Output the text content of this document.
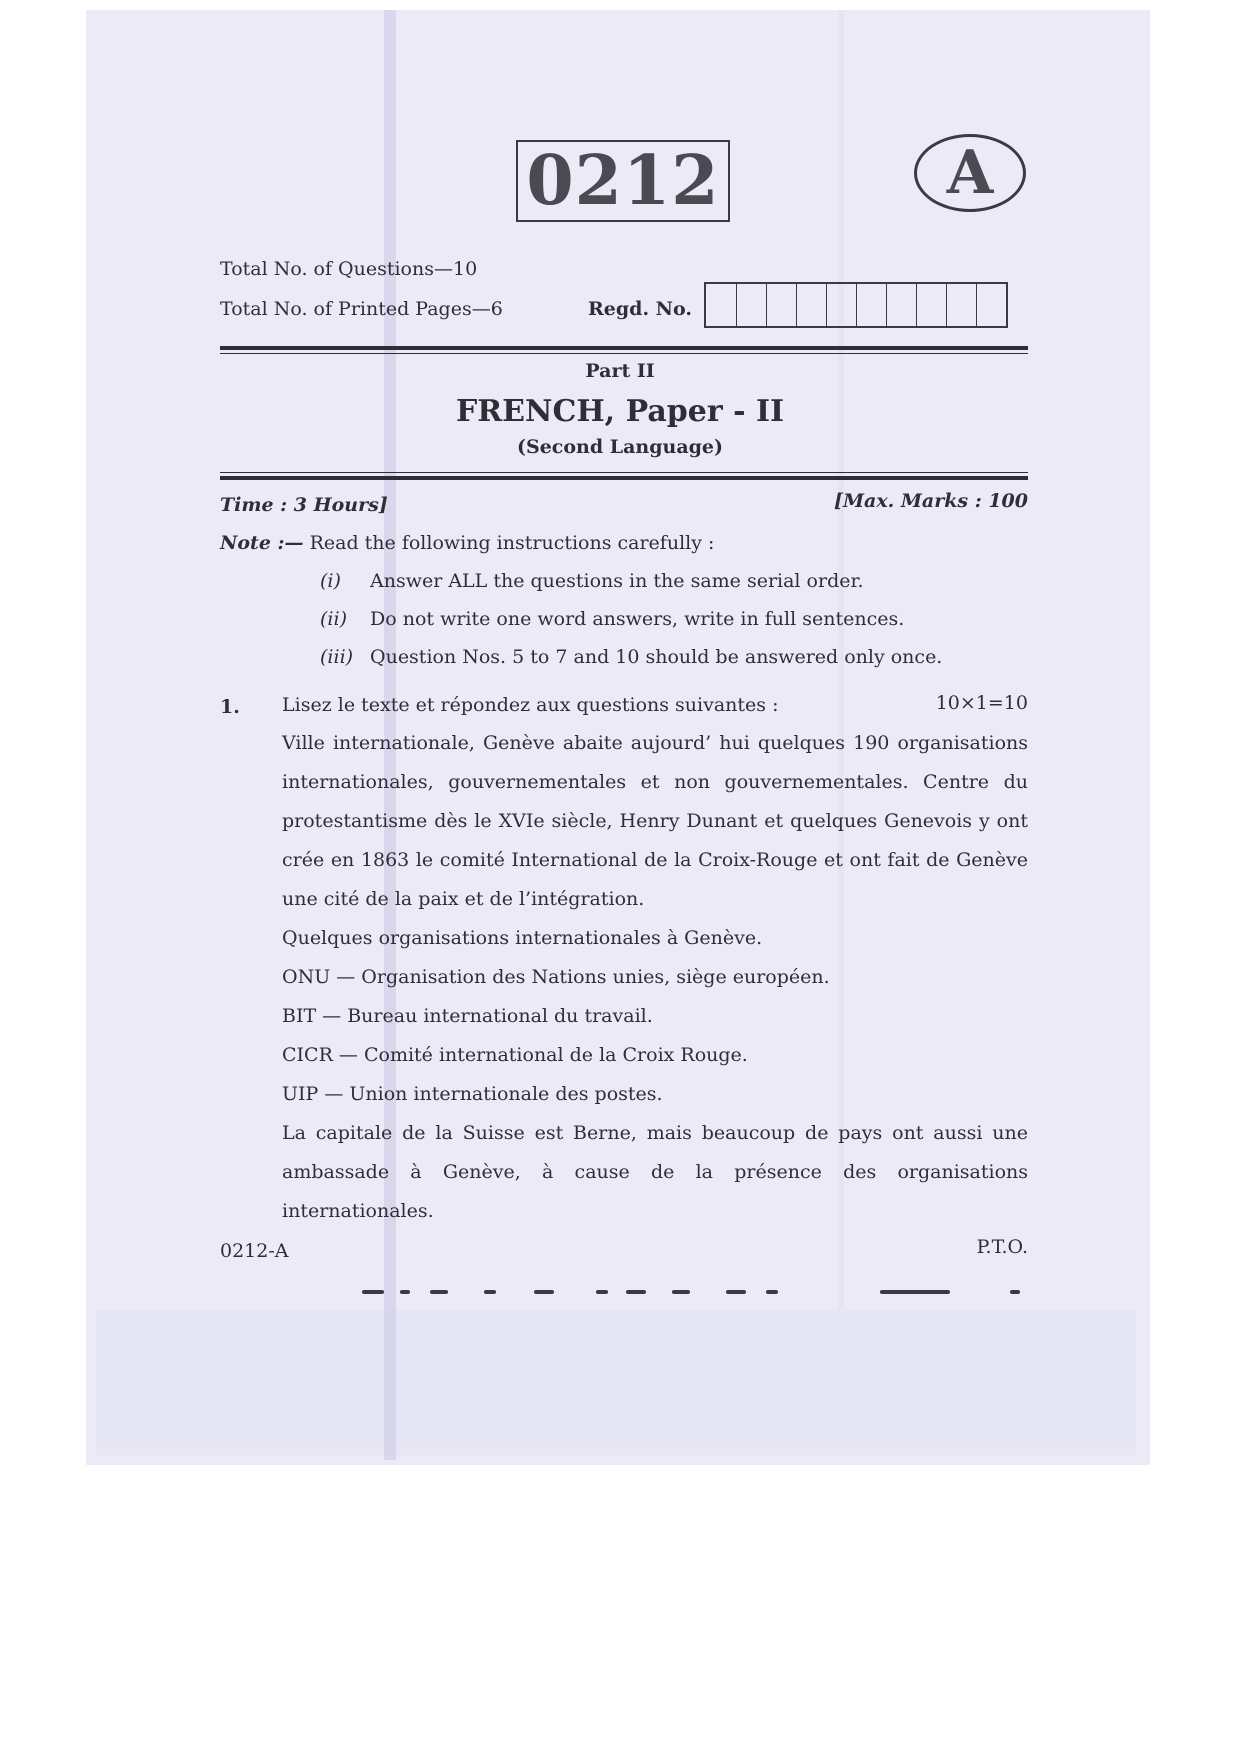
0212	A
Total No. of Questions—10
Total No. of Printed Pages—6	Regd. No.
Part II
FRENCH, Paper - II
(Second Language)
Time : 3 Hours]	[Max. Marks : 100
Note :— Read the following instructions carefully :
(i) Answer ALL the questions in the same serial order.
(ii) Do not write one word answers, write in full sentences.
(iii) Question Nos. 5 to 7 and 10 should be answered only once.
1. Lisez le texte et répondez aux questions suivantes :	10×1=10

Ville internationale, Genève abaite aujourd’ hui quelques 190 organisations internationales, gouvernementales et non gouvernementales. Centre du protestantisme dès le XVIe siècle, Henry Dunant et quelques Genevois y ont crée en 1863 le comité International de la Croix-Rouge et ont fait de Genève une cité de la paix et de l’intégration.

Quelques organisations internationales à Genève.

ONU — Organisation des Nations unies, siège européen.

BIT — Bureau international du travail.

CICR — Comité international de la Croix Rouge.

UIP — Union internationale des postes.

La capitale de la Suisse est Berne, mais beaucoup de pays ont aussi une ambassade à Genève, à cause de la présence des organisations internationales.

0212-A	P.T.O.
